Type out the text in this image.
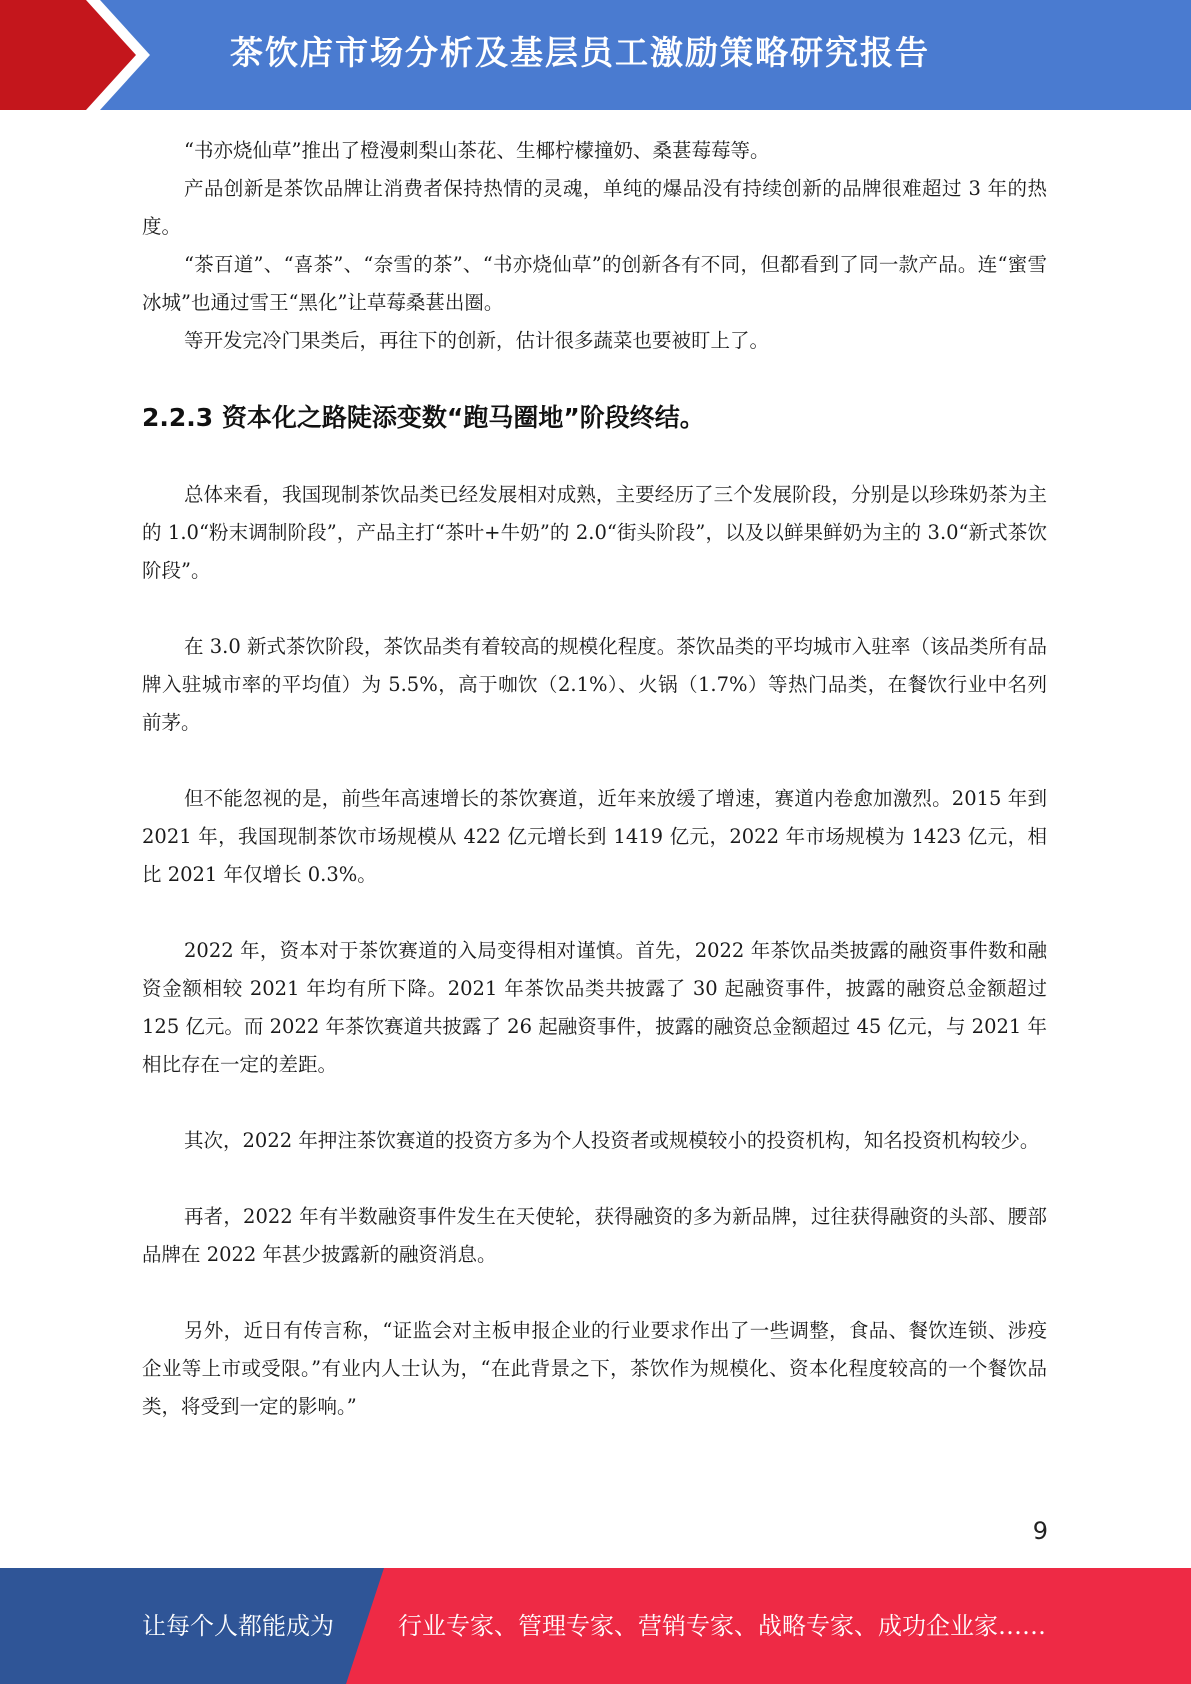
茶饮店市场分析及基层员工激励策略研究报告

“书亦烧仙草”推出了橙漫刺梨山茶花、生椰柠檬撞奶、桑葚莓莓等。

产品创新是茶饮品牌让消费者保持热情的灵魂，单纯的爆品没有持续创新的品牌很难超过 3 年的热度。

“茶百道”、“喜茶”、“奈雪的茶”、“书亦烧仙草”的创新各有不同，但都看到了同一款产品。连“蜜雪冰城”也通过雪王“黑化”让草莓桑葚出圈。

等开发完冷门果类后，再往下的创新，估计很多蔬菜也要被盯上了。

2.2.3 资本化之路陡添变数“跑马圈地”阶段终结。

总体来看，我国现制茶饮品类已经发展相对成熟，主要经历了三个发展阶段，分别是以珍珠奶茶为主的 1.0“粉末调制阶段”，产品主打“茶叶+牛奶”的 2.0“街头阶段”，以及以鲜果鲜奶为主的 3.0“新式茶饮阶段”。

在 3.0 新式茶饮阶段，茶饮品类有着较高的规模化程度。茶饮品类的平均城市入驻率（该品类所有品牌入驻城市率的平均值）为 5.5%，高于咖饮（2.1%）、火锅（1.7%）等热门品类，在餐饮行业中名列前茅。

但不能忽视的是，前些年高速增长的茶饮赛道，近年来放缓了增速，赛道内卷愈加激烈。2015 年到 2021 年，我国现制茶饮市场规模从 422 亿元增长到 1419 亿元，2022 年市场规模为 1423 亿元，相比 2021 年仅增长 0.3%。

2022 年，资本对于茶饮赛道的入局变得相对谨慎。首先，2022 年茶饮品类披露的融资事件数和融资金额相较 2021 年均有所下降。2021 年茶饮品类共披露了 30 起融资事件，披露的融资总金额超过 125 亿元。而 2022 年茶饮赛道共披露了 26 起融资事件，披露的融资总金额超过 45 亿元，与 2021 年相比存在一定的差距。

其次，2022 年押注茶饮赛道的投资方多为个人投资者或规模较小的投资机构，知名投资机构较少。

再者，2022 年有半数融资事件发生在天使轮，获得融资的多为新品牌，过往获得融资的头部、腰部品牌在 2022 年甚少披露新的融资消息。

另外，近日有传言称，“证监会对主板申报企业的行业要求作出了一些调整，食品、餐饮连锁、涉疫企业等上市或受限。”有业内人士认为，“在此背景之下，茶饮作为规模化、资本化程度较高的一个餐饮品类，将受到一定的影响。”

9
让每个人都能成为	行业专家、管理专家、营销专家、战略专家、成功企业家……
